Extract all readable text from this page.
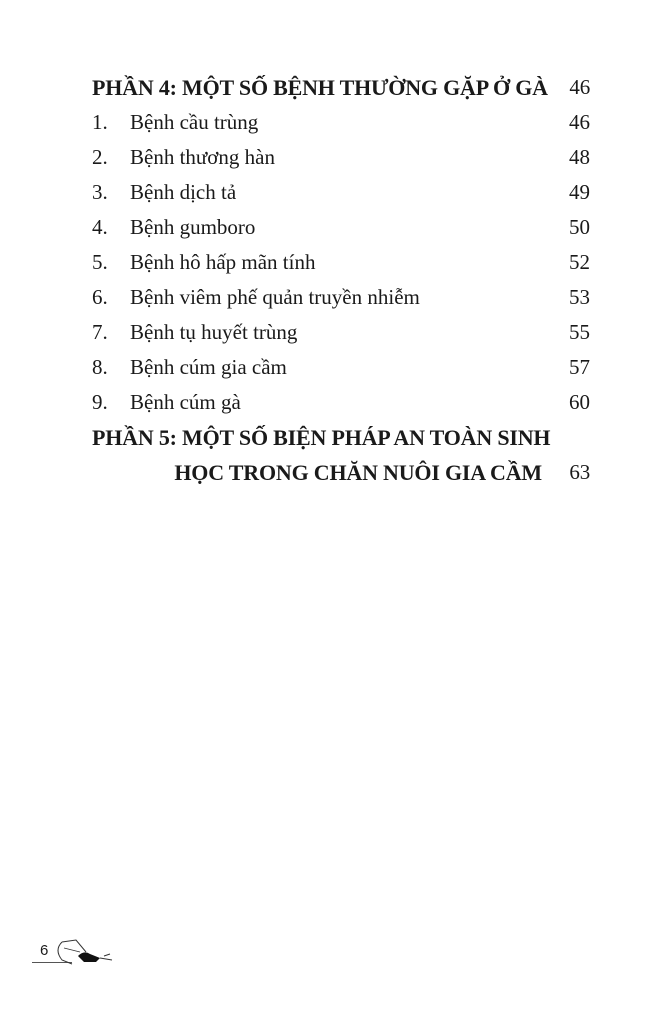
PHẦN 4: MỘT SỐ BỆNH THƯỜNG GẶP Ở GÀ 46
1. Bệnh cầu trùng	46
2. Bệnh thương hàn	48
3. Bệnh dịch tả	49
4. Bệnh gumboro	50
5. Bệnh hô hấp mãn tính	52
6. Bệnh viêm phế quản truyền nhiễm	53
7. Bệnh tụ huyết trùng	55
8. Bệnh cúm gia cầm	57
9. Bệnh cúm gà	60
PHẦN 5: MỘT SỐ BIỆN PHÁP AN TOÀN SINH
HỌC TRONG CHĂN NUÔI GIA CẦM 63
6
